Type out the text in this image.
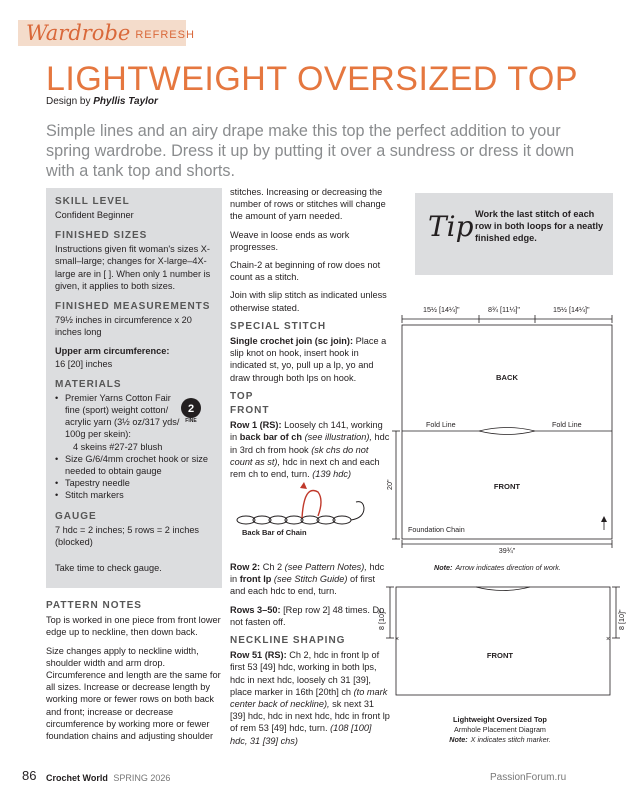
Wardrobe REFRESH
LIGHTWEIGHT OVERSIZED TOP
Design by Phyllis Taylor
Simple lines and an airy drape make this top the perfect addition to your spring wardrobe. Dress it up by putting it over a sundress or dress it down with a tank top and shorts.
SKILL LEVEL
Confident Beginner
FINISHED SIZES
Instructions given fit woman's sizes X-small–large; changes for X-large–4X-large are in [ ]. When only 1 number is given, it applies to both sizes.
FINISHED MEASUREMENTS
79½ inches in circumference x 20 inches long
Upper arm circumference:
16 [20] inches
MATERIALS
• Premier Yarns Cotton Fair fine (sport) weight cotton/ acrylic yarn (3½ oz/317 yds/ 100g per skein):
4 skeins #27-27 blush
• Size G/6/4mm crochet hook or size needed to obtain gauge
• Tapestry needle
• Stitch markers
GAUGE
7 hdc = 2 inches; 5 rows = 2 inches (blocked)
Take time to check gauge.
2
FINE
PATTERN NOTES

Top is worked in one piece from front lower edge up to neckline, then down back.

Size changes apply to neckline width, shoulder width and arm drop. Circumference and length are the same for all sizes. Increase or decrease length by working more or fewer rows on both back and front; increase or decrease circumference by working more or fewer foundation chains and adjusting shoulder

stitches. Increasing or decreasing the number of rows or stitches will change the amount of yarn needed.

Weave in loose ends as work progresses.

Chain-2 at beginning of row does not count as a stitch.

Join with slip stitch as indicated unless otherwise stated.

SPECIAL STITCH

Single crochet join (sc join): Place a slip knot on hook, insert hook in indicated st, yo, pull up a lp, yo and draw through both lps on hook.

TOP
FRONT

Row 1 (RS): Loosely ch 141, working in back bar of ch (see illustration), hdc in 3rd ch from hook (sk chs do not count as st), hdc in next ch and each rem ch to end, turn. (139 hdc)

Back Bar of Chain

Row 2: Ch 2 (see Pattern Notes), hdc in front lp (see Stitch Guide) of first and each hdc to end, turn.

Rows 3–50: [Rep row 2] 48 times. Do not fasten off.

NECKLINE SHAPING

Row 51 (RS): Ch 2, hdc in front lp of first 53 [49] hdc, working in both lps, hdc in next hdc, loosely ch 31 [39], place marker in 16th [20th] ch (to mark center back of neckline), sk next 31 [39] hdc, hdc in next hdc, hdc in front lp of rem 53 [49] hdc, turn. (108 [100] hdc, 31 [39] chs)

Tip Work the last stitch of each row in both loops for a neatly finished edge.
15½ [14¼]"	8¾ [11¼]"	15½ [14¼]"
BACK
Fold Line	Fold Line
FRONT
20"
Foundation Chain
39¾"
Note: Arrow indicates direction of work.
×	×
8 [10]"	8 [10]"
FRONT
Lightweight Oversized Top
Armhole Placement Diagram
Note: X indicates stitch marker.
86 Crochet World SPRING 2026	PassionForum.ru
